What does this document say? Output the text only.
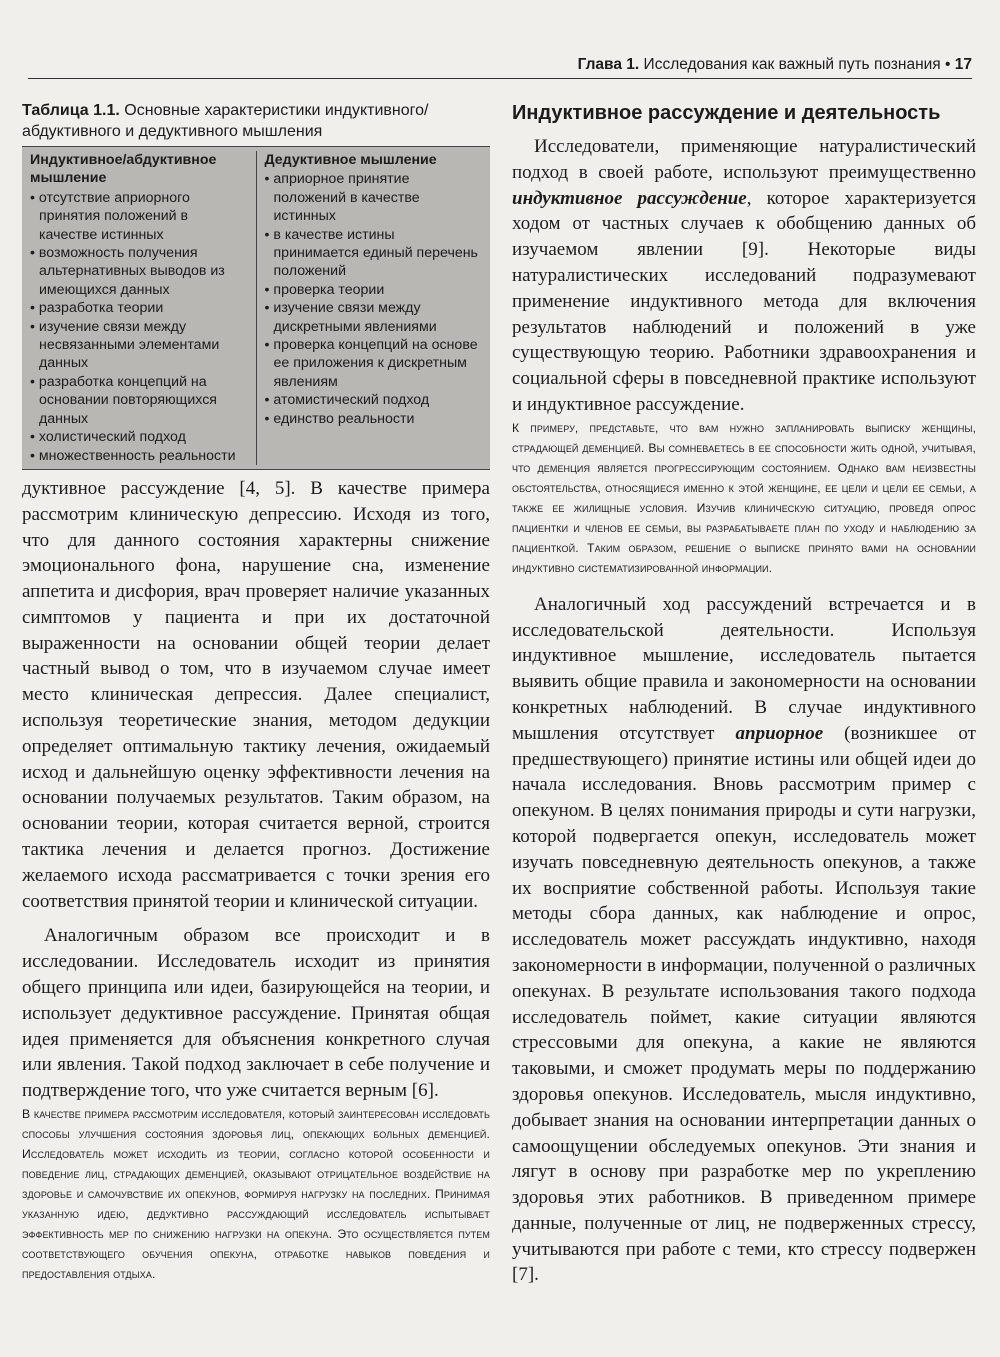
Глава 1. Исследования как важный путь познания • 17

Таблица 1.1. Основные характеристики индуктивного/абдуктивного и дедуктивного мышления

Индуктивное/абдуктивное мышление
• отсутствие априорного принятия положений в качестве истинных
• возможность получения альтернативных выводов из имеющихся данных
• разработка теории
• изучение связи между несвязанными элементами данных
• разработка концепций на основании повторяющихся данных
• холистический подход
• множественность реальности
Дедуктивное мышление
• априорное принятие положений в качестве истинных
• в качестве истины принимается единый перечень положений
• проверка теории
• изучение связи между дискретными явлениями
• проверка концепций на основе ее приложения к дискретным явлениям
• атомистический подход
• единство реальности

дуктивное рассуждение [4, 5]. В качестве примера рассмотрим клиническую депрессию. Исходя из того, что для данного состояния характерны снижение эмоционального фона, нарушение сна, изменение аппетита и дисфория, врач проверяет наличие указанных симптомов у пациента и при их достаточной выраженности на основании общей теории делает частный вывод о том, что в изучаемом случае имеет место клиническая депрессия. Далее специалист, используя теоретические знания, методом дедукции определяет оптимальную тактику лечения, ожидаемый исход и дальнейшую оценку эффективности лечения на основании получаемых результатов. Таким образом, на основании теории, которая считается верной, строится тактика лечения и делается прогноз. Достижение желаемого исхода рассматривается с точки зрения его соответствия принятой теории и клинической ситуации.

Аналогичным образом все происходит и в исследовании. Исследователь исходит из принятия общего принципа или идеи, базирующейся на теории, и использует дедуктивное рассуждение. Принятая общая идея применяется для объяснения конкретного случая или явления. Такой подход заключает в себе получение и подтверждение того, что уже считается верным [6].

В качестве примера рассмотрим исследователя, который заинтересован исследовать способы улучшения состояния здоровья лиц, опекающих больных деменцией. Исследователь может исходить из теории, согласно которой особенности и поведение лиц, страдающих деменцией, оказывают отрицательное воздействие на здоровье и самочувствие их опекунов, формируя нагрузку на последних. Принимая указанную идею, дедуктивно рассуждающий исследователь испытывает эффективность мер по снижению нагрузки на опекуна. Это осуществляется путем соответствующего обучения опекуна, отработке навыков поведения и предоставления отдыха.

Индуктивное рассуждение и деятельность

Исследователи, применяющие натуралистический подход в своей работе, используют преимущественно индуктивное рассуждение, которое характеризуется ходом от частных случаев к обобщению данных об изучаемом явлении [9]. Некоторые виды натуралистических исследований подразумевают применение индуктивного метода для включения результатов наблюдений и положений в уже существующую теорию. Работники здравоохранения и социальной сферы в повседневной практике используют и индуктивное рассуждение.

К примеру, представьте, что вам нужно запланировать выписку женщины, страдающей деменцией. Вы сомневаетесь в ее способности жить одной, учитывая, что деменция является прогрессирующим состоянием. Однако вам неизвестны обстоятельства, относящиеся именно к этой женщине, ее цели и цели ее семьи, а также ее жилищные условия. Изучив клиническую ситуацию, проведя опрос пациентки и членов ее семьи, вы разрабатываете план по уходу и наблюдению за пациенткой. Таким образом, решение о выписке принято вами на основании индуктивно систематизированной информации.

Аналогичный ход рассуждений встречается и в исследовательской деятельности. Используя индуктивное мышление, исследователь пытается выявить общие правила и закономерности на основании конкретных наблюдений. В случае индуктивного мышления отсутствует априорное (возникшее от предшествующего) принятие истины или общей идеи до начала исследования. Вновь рассмотрим пример с опекуном. В целях понимания природы и сути нагрузки, которой подвергается опекун, исследователь может изучать повседневную деятельность опекунов, а также их восприятие собственной работы. Используя такие методы сбора данных, как наблюдение и опрос, исследователь может рассуждать индуктивно, находя закономерности в информации, полученной о различных опекунах. В результате использования такого подхода исследователь поймет, какие ситуации являются стрессовыми для опекуна, а какие не являются таковыми, и сможет продумать меры по поддержанию здоровья опекунов. Исследователь, мысля индуктивно, добывает знания на основании интерпретации данных о самоощущении обследуемых опекунов. Эти знания и лягут в основу при разработке мер по укреплению здоровья этих работников. В приведенном примере данные, полученные от лиц, не подверженных стрессу, учитываются при работе с теми, кто стрессу подвержен [7].
